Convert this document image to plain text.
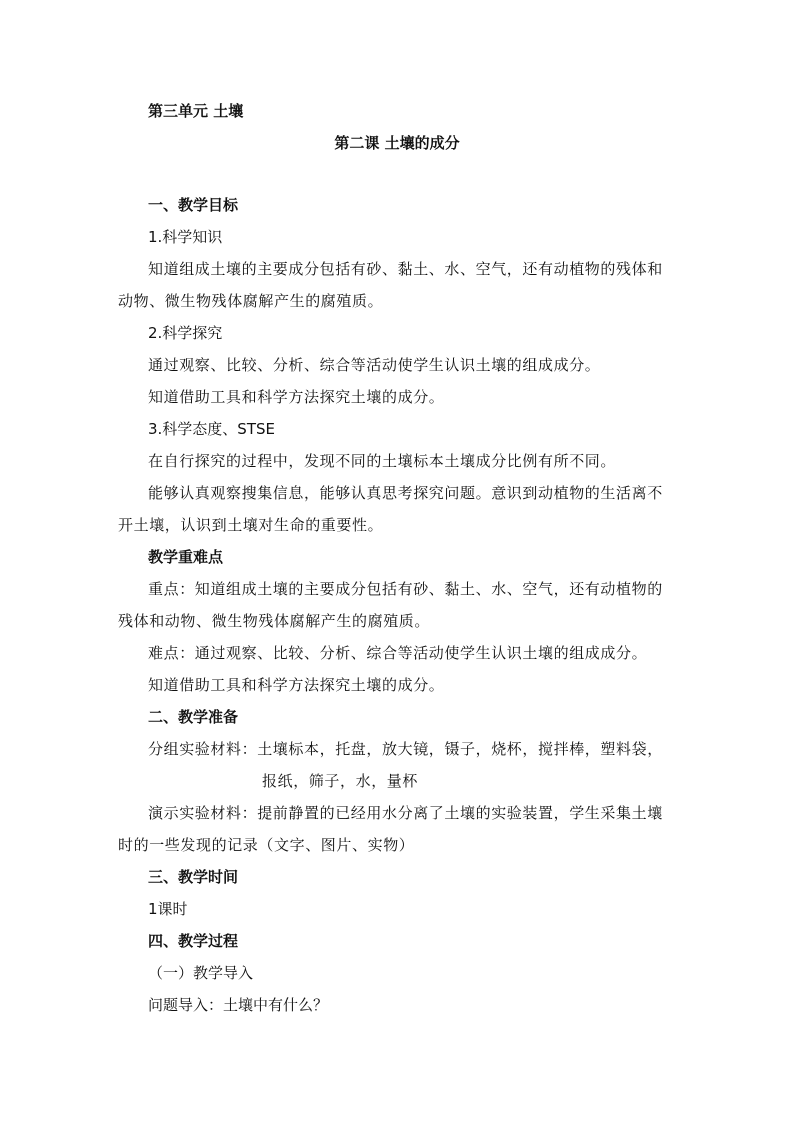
第三单元 土壤
第二课 土壤的成分
一、教学目标
1.科学知识
知道组成土壤的主要成分包括有砂、黏土、水、空气，还有动植物的残体和
动物、微生物残体腐解产生的腐殖质。
2.科学探究
通过观察、比较、分析、综合等活动使学生认识土壤的组成成分。
知道借助工具和科学方法探究土壤的成分。
3.科学态度、STSE
在自行探究的过程中，发现不同的土壤标本土壤成分比例有所不同。
能够认真观察搜集信息，能够认真思考探究问题。意识到动植物的生活离不
开土壤，认识到土壤对生命的重要性。
教学重难点
重点：知道组成土壤的主要成分包括有砂、黏土、水、空气，还有动植物的
残体和动物、微生物残体腐解产生的腐殖质。
难点：通过观察、比较、分析、综合等活动使学生认识土壤的组成成分。
知道借助工具和科学方法探究土壤的成分。
二、教学准备
分组实验材料：土壤标本，托盘，放大镜，镊子，烧杯，搅拌棒，塑料袋，
报纸，筛子，水，量杯
演示实验材料：提前静置的已经用水分离了土壤的实验装置，学生采集土壤
时的一些发现的记录（文字、图片、实物）
三、教学时间
1课时
四、教学过程
（一）教学导入
问题导入：土壤中有什么？
